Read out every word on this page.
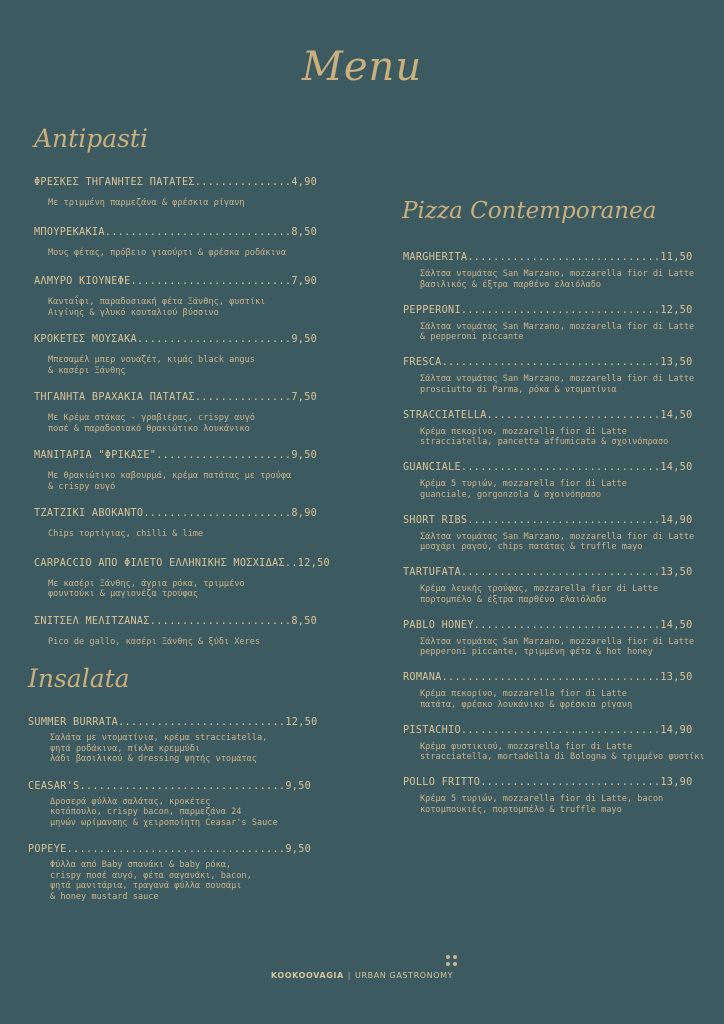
Menu
Antipasti
ΦΡΕΣΚΕΣ ΤΗΓΑΝΗΤΕΣ ΠΑΤΑΤΕΣ...............4,90
Με τριμμένη παρμεζάνα & φρέσκια ρίγανη
ΜΠΟΥΡΕΚΑΚΙΑ.............................8,50
Μους φέτας, πρόβειο γιαούρτι & φρέσκα ροδάκινα
ΑΛΜΥΡΟ ΚΙΟΥΝΕΦΕ.........................7,90
Κανταΐφι, παραδοσιακή φέτα Ξάνθης, φυστίκι
Αιγίνης & γλυκό κουταλιού βύσσινο
ΚΡΟΚΕΤΕΣ ΜΟΥΣΑΚΑ........................9,50
Μπεσαμέλ μπερ νουαζέτ, κιμάς black angus
& κασέρι Ξάνθης
ΤΗΓΑΝΗΤΑ ΒΡΑΧΑΚΙΑ ΠΑΤΑΤΑΣ...............7,50
Με Κρέμα στάκας - γραβιέρας, crispy αυγό
ποσέ & παραδοσιακό θρακιώτικο λουκάνικο
ΜΑΝΙΤΑΡΙΑ "ΦΡΙΚΑΣΕ".....................9,50
Με θρακιώτικο καβουρμά, κρέμα πατάτας με τρούφα
& crispy αυγό
ΤΖΑΤΖΙΚΙ ΑΒΟΚΑΝΤΟ.......................8,90
Chips τορτίγιας, chilli & lime
CARPACCIO ΑΠΟ ΦΙΛΕΤΟ ΕΛΛΗΝΙΚΗΣ ΜΟΣΧΙΔΑΣ..12,50
Με κασέρι Ξάνθης, άγρια ρόκα, τριμμένο
φουντούκι & μαγιονέζα τρούφας
ΣΝΙΤΣΕΛ ΜΕΛΙΤΖΑΝΑΣ......................8,50
Pico de gallo, κασέρι Ξάνθης & ξύδι Xeres
Insalata
SUMMER BURRATA..........................12,50
Σαλάτα με ντοματίνια, κρέμα stracciatella,
ψητά ροδάκινα, πίκλα κρεμμύδι
λάδι βασιλικού & dressing ψητής ντομάτας
CEASAR'S................................9,50
Δροσερά φύλλα σαλάτας, κροκέτες
κοτόπουλο, crispy bacon, παρμεζάνα 24
μηνών ωρίμανσης & χειροποίητη Ceasar's Sauce
POPEYE..................................9,50
Φύλλα από Baby σπανάκι & baby ρόκα,
crispy ποσέ αυγό, φέτα σαγανάκι, bacon,
ψητά μανιτάρια, τραγανά φύλλα σουσάμι
& honey mustard sauce
Pizza Contemporanea
MARGHERITA..............................11,50
Σάλτσα ντομάτας San Marzano, mozzarella fior di Latte
βασιλικός & έξτρα παρθένο ελαιόλαδο
PEPPERONI...............................12,50
Σάλτσα ντομάτας San Marzano, mozzarella fior di Latte
& pepperoni piccante
FRESCA..................................13,50
Σάλτσα ντομάτας San Marzano, mozzarella fior di Latte
prosciutto di Parma, ρόκα & ντοματίνια
STRACCIATELLA...........................14,50
Κρέμα πεκορίνο, mozzarella fior di Latte
stracciatella, pancetta affumicata & σχοινόπρασο
GUANCIALE...............................14,50
Κρέμα 5 τυριών, mozzarella fior di Latte
guanciale, gorgonzola & σχοινόπρασο
SHORT RIBS..............................14,90
Σάλτσα ντομάτας San Marzano, mozzarella fior di Latte
μοσχάρι ραγού, chips πατάτας & truffle mayo
TARTUFATA...............................13,50
Κρέμα λευκής τρούφας, mozzarella fior di Latte
πορτομπέλο & έξτρα παρθένο ελαιόλαδο
PABLO HONEY.............................14,50
Σάλτσα ντομάτας San Marzano, mozzarella fior di Latte
pepperoni piccante, τριμμένη φέτα & hot honey
ROMANA..................................13,50
Κρέμα πεκορίνο, mozzarella fior di Latte
πατάτα, φρέσκο λουκάνικο & φρέσκια ρίγανη
PISTACHIO...............................14,90
Κρέμα φυστικιού, mozzarella fior di Latte
stracciatella, mortadella di Bologna & τριμμένο φυστίκι
POLLO FRITTO............................13,90
Κρέμα 5 τυριών, mozzarella fior di Latte, bacon
κοτομπουκιές, πορτομπέλο & truffle mayo
KOOKOOVAGIA | URBAN GASTRONOMY
